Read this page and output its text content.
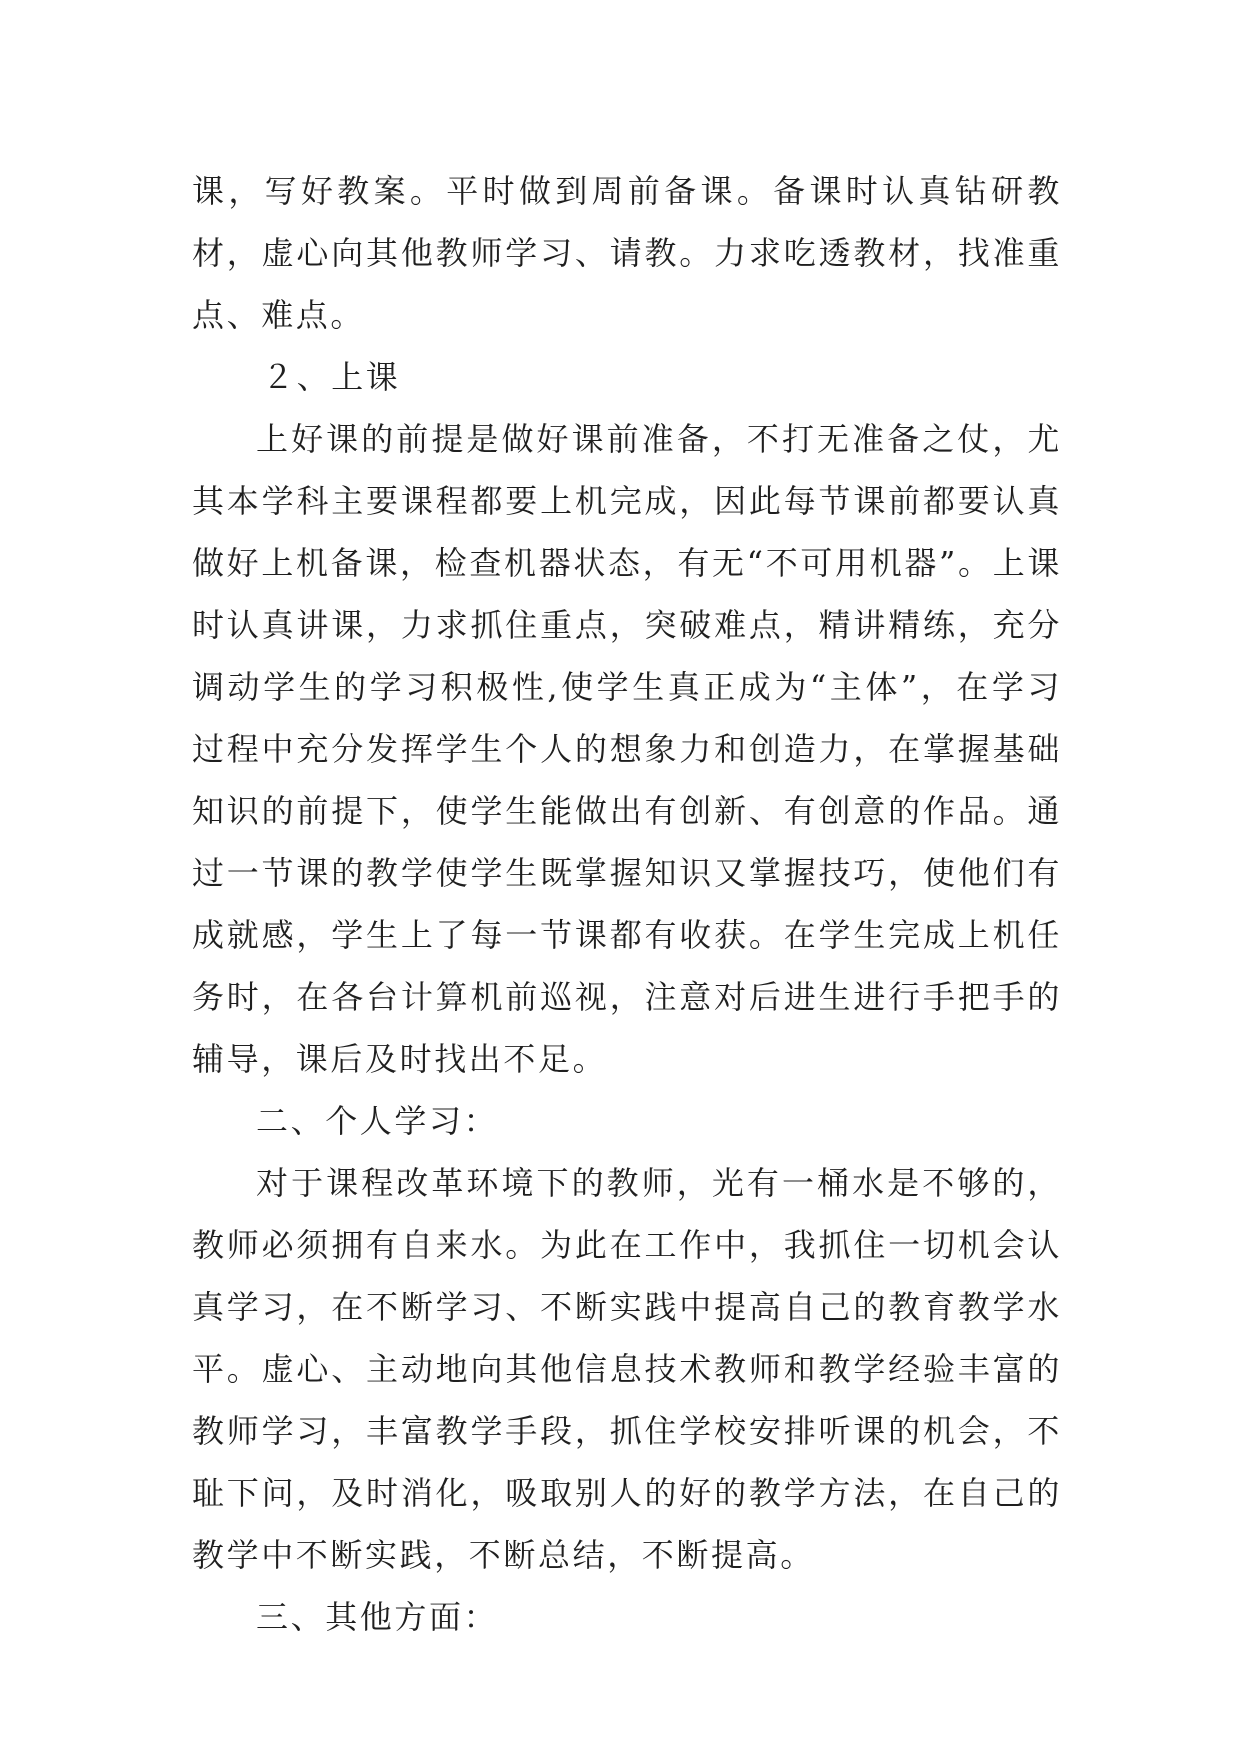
课，写好教案。平时做到周前备课。备课时认真钻研教材，虚心向其他教师学习、请教。力求吃透教材，找准重点、难点。

２、上课

上好课的前提是做好课前准备，不打无准备之仗，尤其本学科主要课程都要上机完成，因此每节课前都要认真做好上机备课，检查机器状态，有无“不可用机器”。上课时认真讲课，力求抓住重点，突破难点，精讲精练，充分调动学生的学习积极性,使学生真正成为“主体”，在学习过程中充分发挥学生个人的想象力和创造力，在掌握基础知识的前提下，使学生能做出有创新、有创意的作品。通过一节课的教学使学生既掌握知识又掌握技巧，使他们有成就感，学生上了每一节课都有收获。在学生完成上机任务时，在各台计算机前巡视，注意对后进生进行手把手的辅导，课后及时找出不足。

二、个人学习：

对于课程改革环境下的教师，光有一桶水是不够的，教师必须拥有自来水。为此在工作中，我抓住一切机会认真学习，在不断学习、不断实践中提高自己的教育教学水平。虚心、主动地向其他信息技术教师和教学经验丰富的教师学习，丰富教学手段，抓住学校安排听课的机会，不耻下问，及时消化，吸取别人的好的教学方法，在自己的教学中不断实践，不断总结，不断提高。

三、其他方面：
